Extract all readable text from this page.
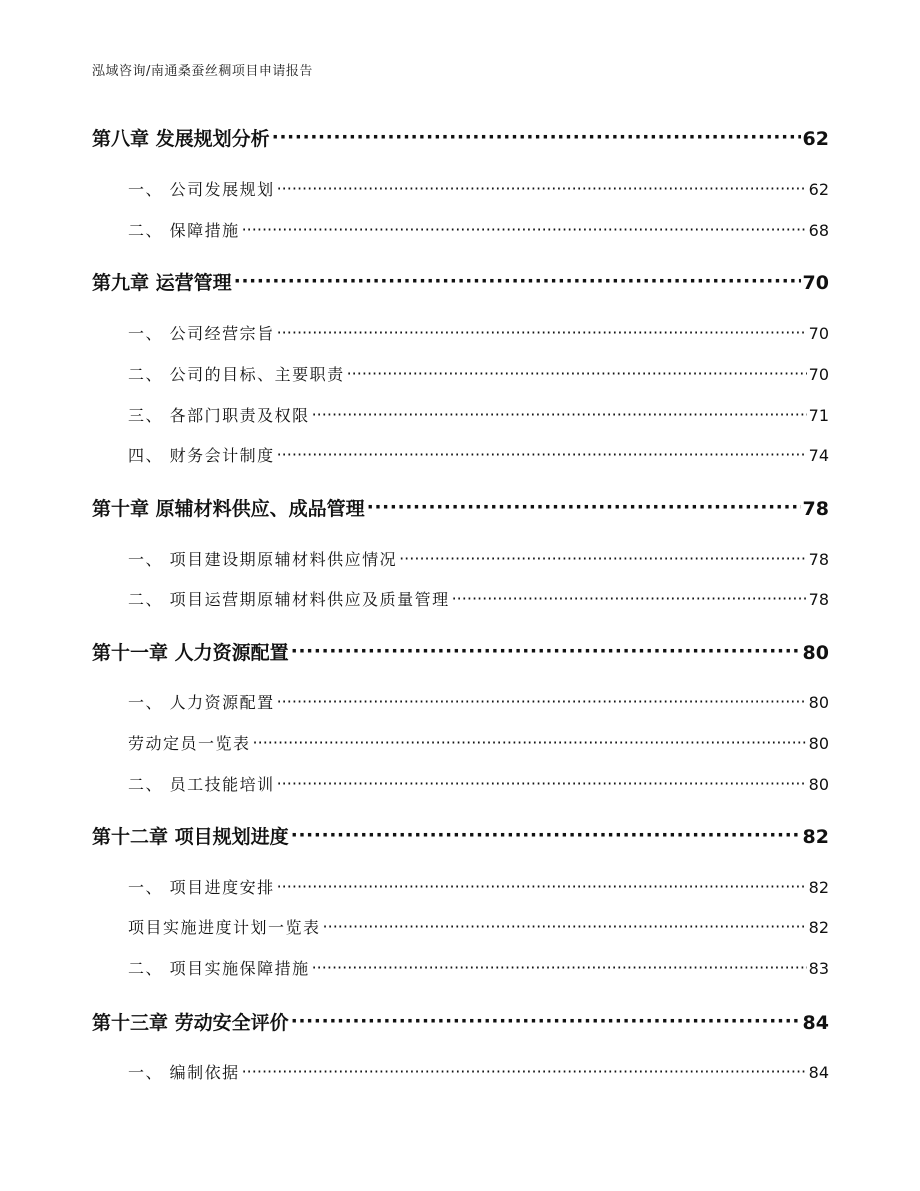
泓域咨询/南通桑蚕丝稠项目申请报告
第八章 发展规划分析 ·····	62
一、 公司发展规划 ·····	62
二、 保障措施 ·····	68
第九章 运营管理 ·····	70
一、 公司经营宗旨 ·····	70
二、 公司的目标、主要职责 ·····	70
三、 各部门职责及权限 ·····	71
四、 财务会计制度 ·····	74
第十章 原辅材料供应、成品管理 ·····	78
一、 项目建设期原辅材料供应情况 ·····	78
二、 项目运营期原辅材料供应及质量管理 ·····	78
第十一章 人力资源配置 ·····	80
一、 人力资源配置 ·····	80
劳动定员一览表 ·····	80
二、 员工技能培训 ·····	80
第十二章 项目规划进度 ·····	82
一、 项目进度安排 ·····	82
项目实施进度计划一览表 ·····	82
二、 项目实施保障措施 ·····	83
第十三章 劳动安全评价 ·····	84
一、 编制依据 ·····	84
